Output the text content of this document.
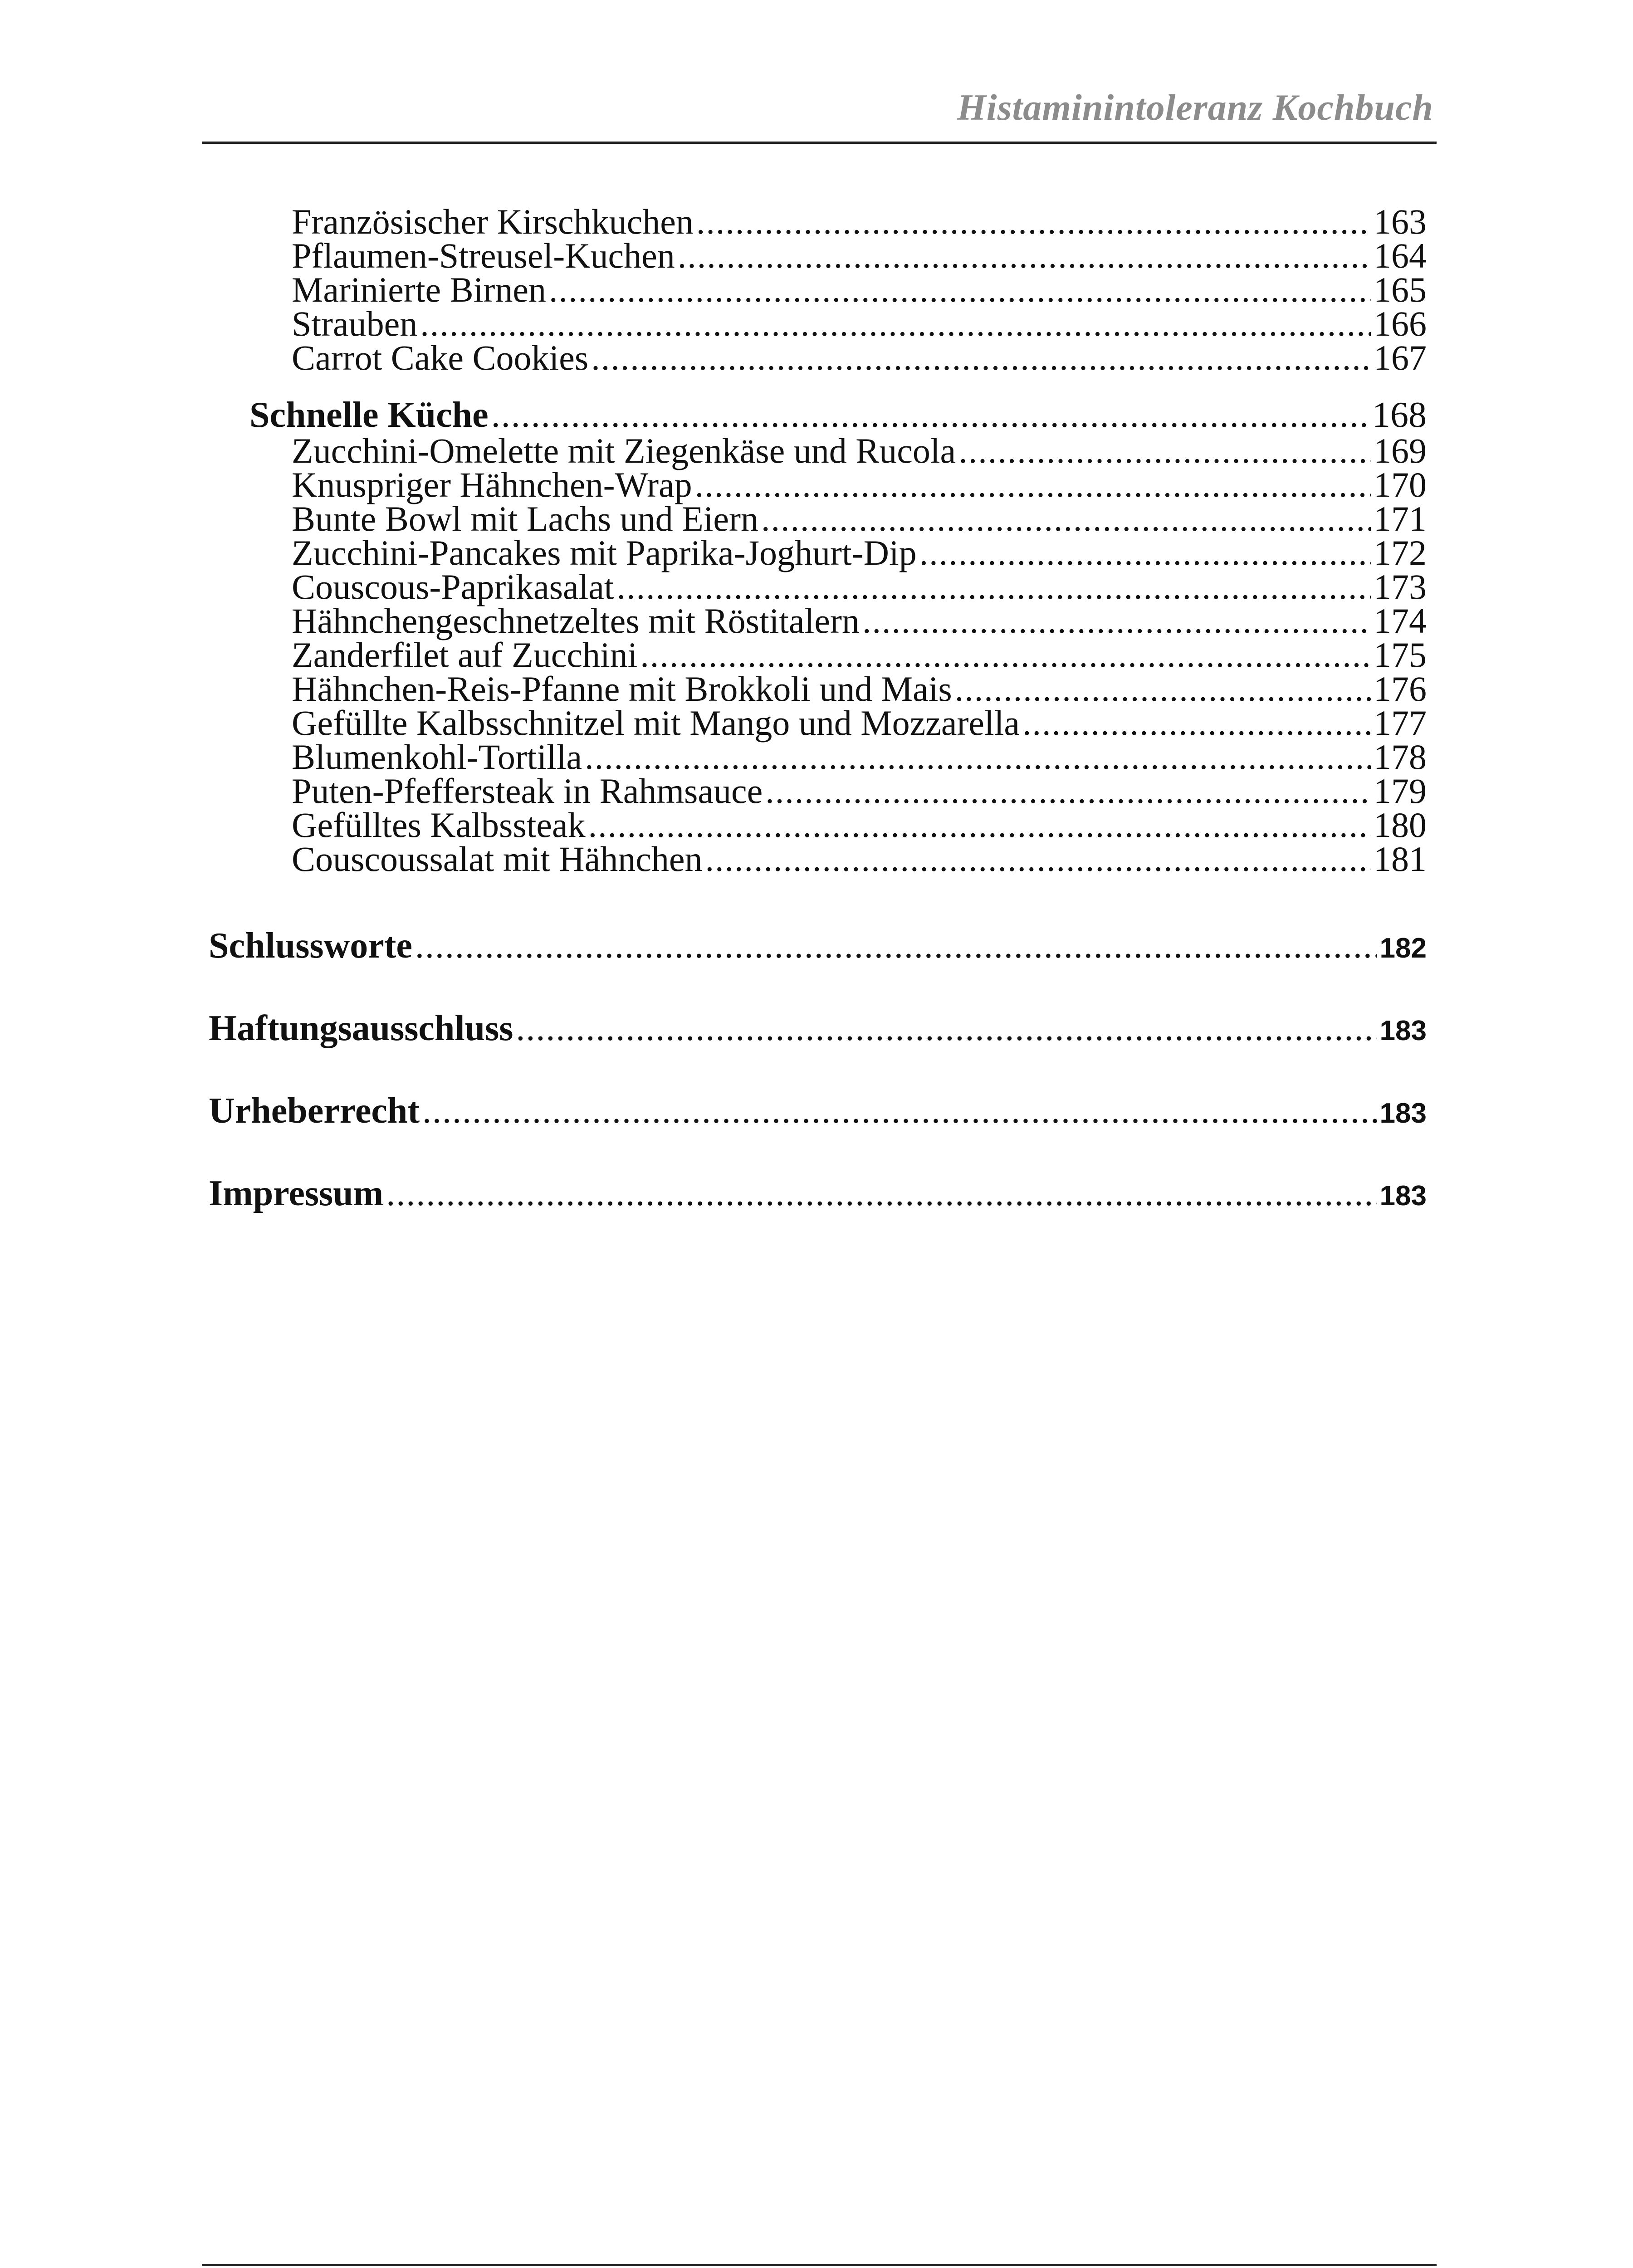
Histaminintoleranz Kochbuch
Französischer Kirschkuchen .....	163
Pflaumen-Streusel-Kuchen .....	164
Marinierte Birnen .....	165
Strauben .....	166
Carrot Cake Cookies .....	167
Schnelle Küche .....	168
Zucchini-Omelette mit Ziegenkäse und Rucola .....	169
Knuspriger Hähnchen-Wrap .....	170
Bunte Bowl mit Lachs und Eiern .....	171
Zucchini-Pancakes mit Paprika-Joghurt-Dip .....	172
Couscous-Paprikasalat .....	173
Hähnchengeschnetzeltes mit Röstitalern .....	174
Zanderfilet auf Zucchini .....	175
Hähnchen-Reis-Pfanne mit Brokkoli und Mais .....	176
Gefüllte Kalbsschnitzel mit Mango und Mozzarella .....	177
Blumenkohl-Tortilla .....	178
Puten-Pfeffersteak in Rahmsauce .....	179
Gefülltes Kalbssteak .....	180
Couscoussalat mit Hähnchen .....	181
Schlussworte .....	182
Haftungsausschluss .....	183
Urheberrecht .....	183
Impressum .....	183
